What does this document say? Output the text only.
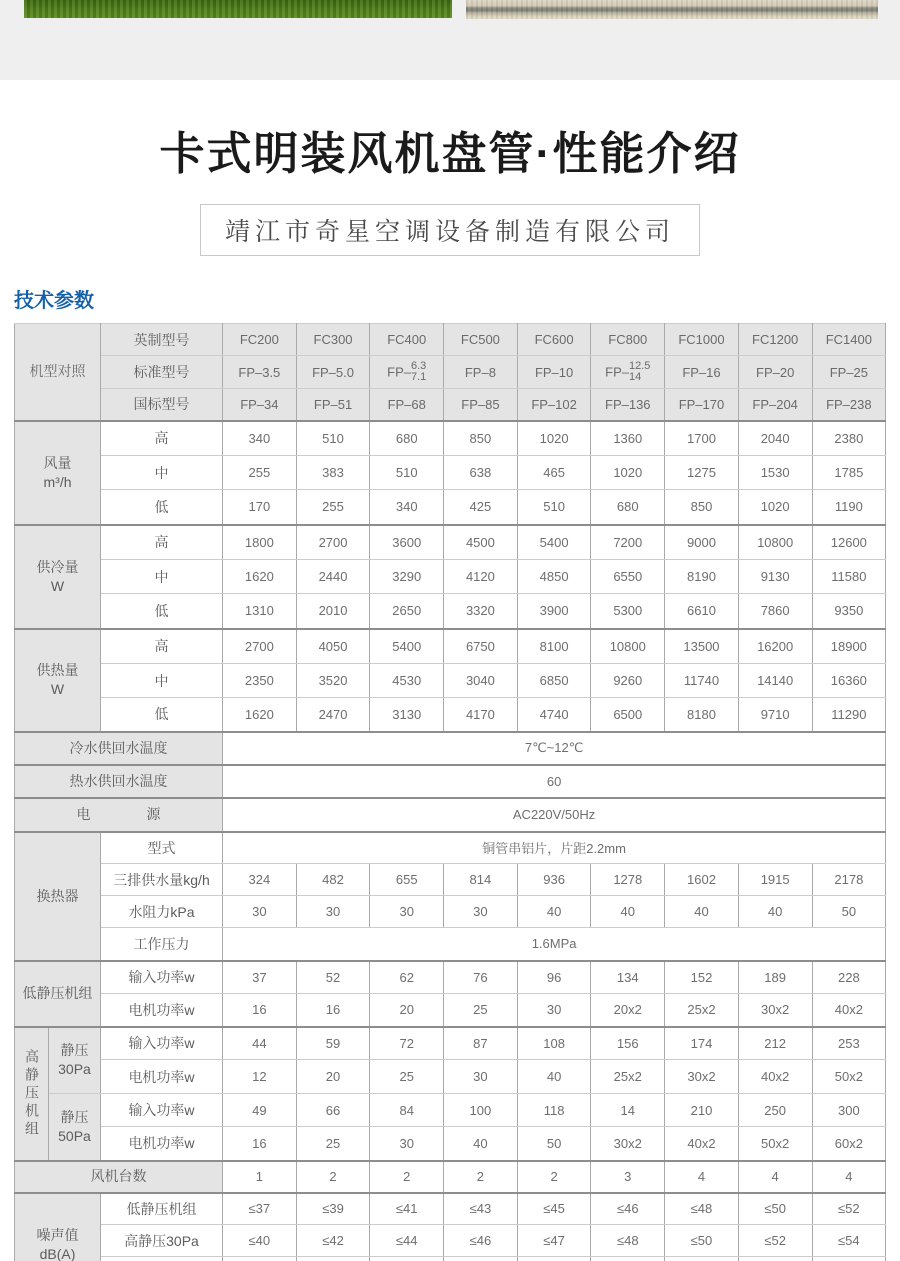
卡式明装风机盘管·性能介绍
靖江市奇星空调设备制造有限公司
技术参数
机型对照		英制型号	FC200	FC300	FC400	FC500	FC600	FC800	FC1000	FC1200	FC1400
		标准型号	FP–3.5	FP–5.0	FP– 6.3
7.1	FP–8	FP–10	FP– 12.5
14	FP–16	FP–20	FP–25
		国标型号	FP–34	FP–51	FP–68	FP–85	FP–102	FP–136	FP–170	FP–204	FP–238

风量
m³/h		高	340	510	680	850	1020	1360	1700	2040	2380
		中	255	383	510	638	465	1020	1275	1530	1785
		低	170	255	340	425	510	680	850	1020	1190

供冷量
W		高	1800	2700	3600	4500	5400	7200	9000	10800	12600
		中	1620	2440	3290	4120	4850	6550	8190	9130	11580
		低	1310	2010	2650	3320	3900	5300	6610	7860	9350

供热量
W		高	2700	4050	5400	6750	8100	10800	13500	16200	18900
		中	2350	3520	4530	3040	6850	9260	11740	14140	16360
		低	1620	2470	3130	4170	4740	6500	8180	9710	11290
冷水供回水温度			7℃~12℃								
热水供回水温度			60								
电　　　　源			AC220V/50Hz								
换热器		型式	铜管串铝片，片距2.2mm								
		三排供水量kg/h	324	482	655	814	936	1278	1602	1915	2178
		水阻力kPa	30	30	30	30	40	40	40	40	50
		工作压力	1.6MPa								
低静压机组		输入功率w	37	52	62	76	96	134	152	189	228
		电机功率w	16	16	20	25	30	20x2	25x2	30x2	40x2

高静压机组	静压
30Pa	输入功率w	44	59	72	87	108	156	174	212	253
		电机功率w	12	20	25	30	40	25x2	30x2	40x2	50x2

	静压
50Pa	输入功率w	49	66	84	100	118	14	210	250	300
		电机功率w	16	25	30	40	50	30x2	40x2	50x2	60x2
风机台数			1	2	2	2	2	3	4	4	4

噪声值
dB(A)		低静压机组	≤37	≤39	≤41	≤43	≤45	≤46	≤48	≤50	≤52
		高静压30Pa	≤40	≤42	≤44	≤46	≤47	≤48	≤50	≤52	≤54
